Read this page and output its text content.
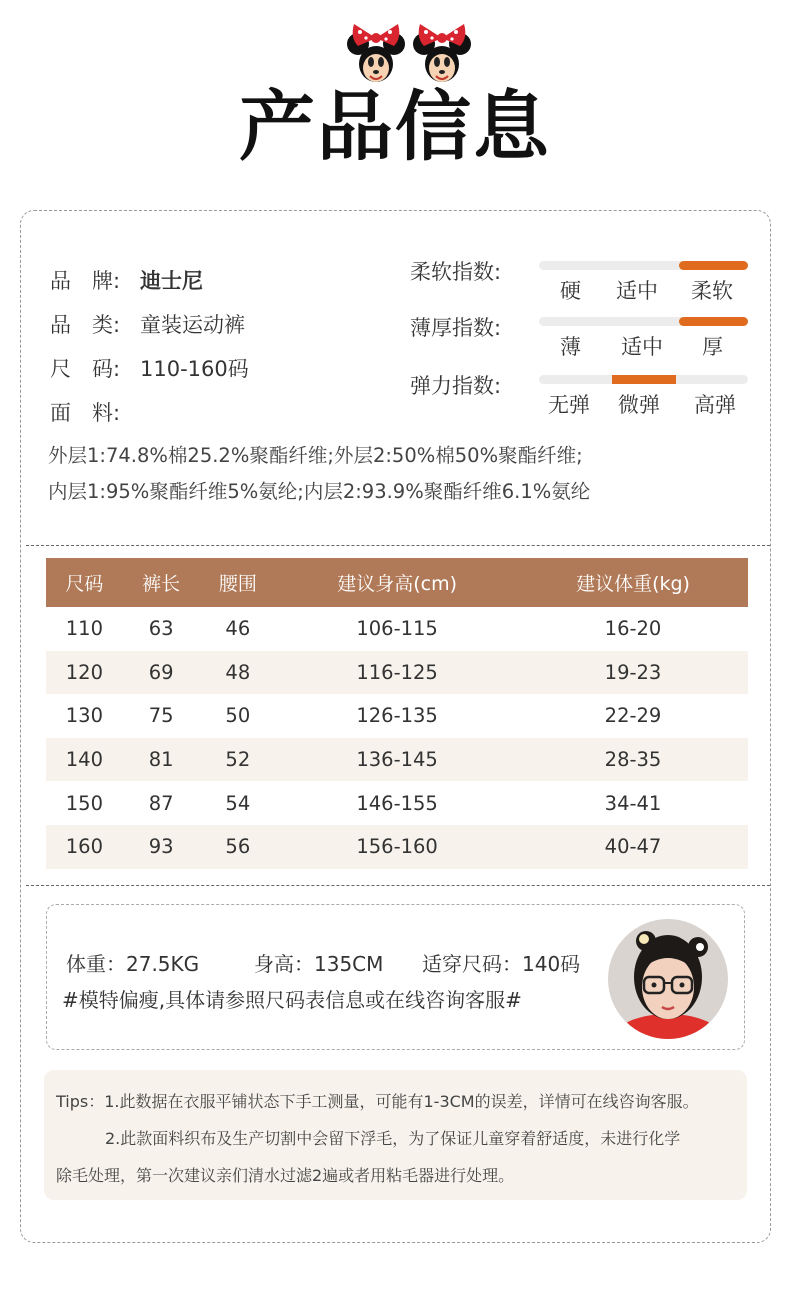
产品信息
品　牌: 迪士尼
品　类: 童装运动裤
尺　码: 110-160码
面　料:
柔软指数:
硬 适中 柔软
薄厚指数:
薄 适中 厚
弹力指数:
无弹 微弹 高弹
外层1:74.8%棉25.2%聚酯纤维;外层2:50%棉50%聚酯纤维;
内层1:95%聚酯纤维5%氨纶;内层2:93.9%聚酯纤维6.1%氨纶
尺码	裤长	腰围	建议身高(cm)	建议体重(kg)
110	63	46	106-115	16-20
120	69	48	116-125	19-23
130	75	50	126-135	22-29
140	81	52	136-145	28-35
150	87	54	146-155	34-41
160	93	56	156-160	40-47
体重：27.5KG	身高：135CM 适穿尺码：140码
#模特偏瘦,具体请参照尺码表信息或在线咨询客服#

Tips：1.此数据在衣服平铺状态下手工测量，可能有1-3CM的误差，详情可在线咨询客服。

2.此款面料织布及生产切割中会留下浮毛，为了保证儿童穿着舒适度，未进行化学

除毛处理，第一次建议亲们清水过滤2遍或者用粘毛器进行处理。
